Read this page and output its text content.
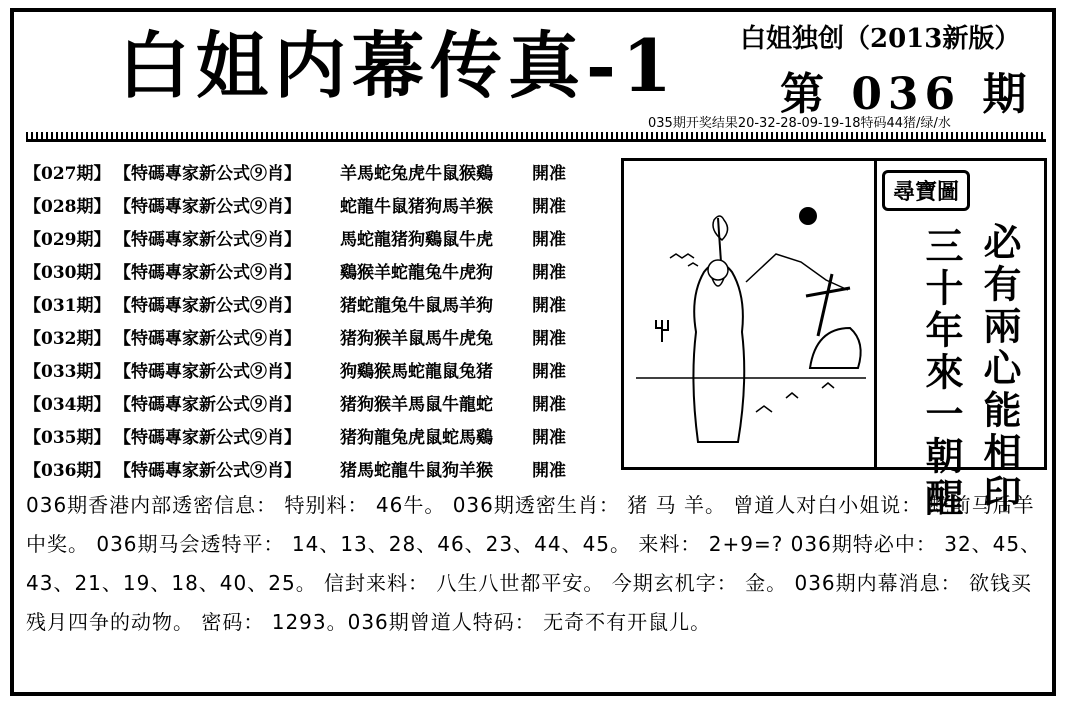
白姐内幕传真-1 白姐独创（2013新版）
第 036 期
035期开奖结果20-32-28-09-19-18特码44猪/绿/水
【027期】 【特碼專家新公式⑨肖】 羊馬蛇兔虎牛鼠猴鷄 開准
【028期】 【特碼專家新公式⑨肖】 蛇龍牛鼠猪狗馬羊猴 開准
【029期】 【特碼專家新公式⑨肖】 馬蛇龍猪狗鷄鼠牛虎 開准
【030期】 【特碼專家新公式⑨肖】 鷄猴羊蛇龍兔牛虎狗 開准
【031期】 【特碼專家新公式⑨肖】 猪蛇龍兔牛鼠馬羊狗 開准
【032期】 【特碼專家新公式⑨肖】 猪狗猴羊鼠馬牛虎兔 開准
【033期】 【特碼專家新公式⑨肖】 狗鷄猴馬蛇龍鼠兔猪 開准
【034期】 【特碼專家新公式⑨肖】 猪狗猴羊馬鼠牛龍蛇 開准
【035期】 【特碼專家新公式⑨肖】 猪狗龍兔虎鼠蛇馬鷄 開准
【036期】 【特碼專家新公式⑨肖】 猪馬蛇龍牛鼠狗羊猴 開准
尋寶圖
必有兩心能相印
三十年來一朝醒
036期香港内部透密信息： 特别料： 46牛。 036期透密生肖： 猪 马 羊。 曾道人对白小姐说： 蛇前马后羊中奖。 036期马会透特平： 14、13、28、46、23、44、45。 来料： 2+9=? 036期特必中： 32、45、43、21、19、18、40、25。 信封来料： 八生八世都平安。 今期玄机字： 金。 036期内幕消息： 欲钱买残月四争的动物。 密码： 1293。036期曾道人特码： 无奇不有开鼠儿。
